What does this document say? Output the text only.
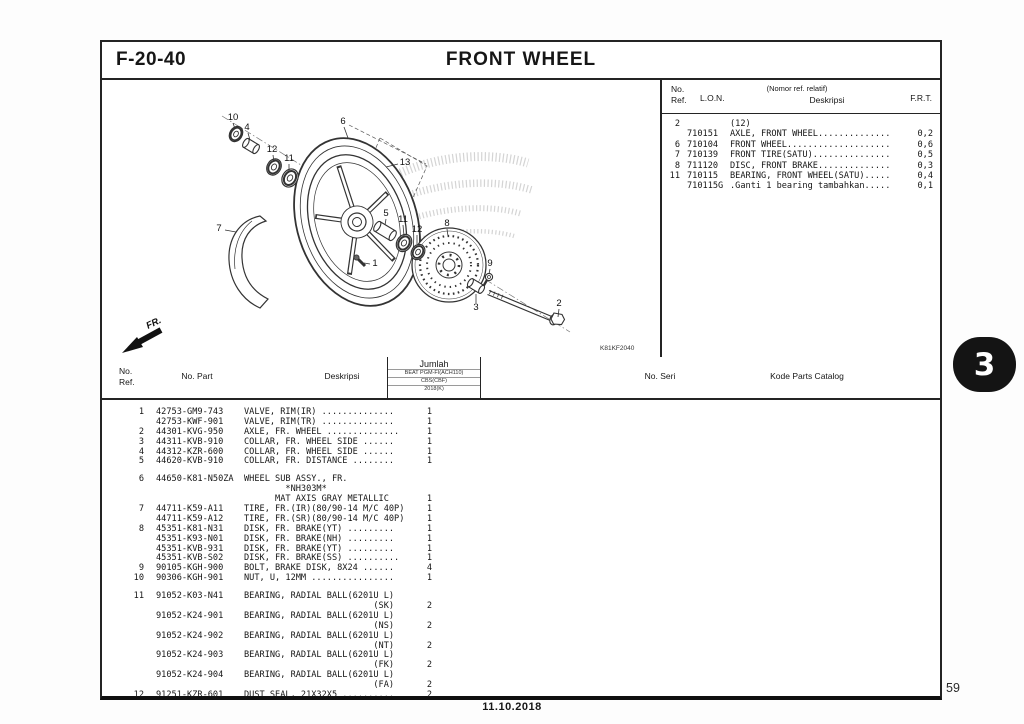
F-20-40	FRONT WHEEL
FR.
K81KF2040
10
4
12
11
6
13
7
5
11
12
8
9
1
3	2
No.
Ref. L.O.N.
(Nomor ref. relatif)
Deskripsi	F.R.T.
2	(12)
710151 AXLE, FRONT WHEEL..............	0,2
6 710104 FRONT WHEEL....................	0,6
7 710139 FRONT TIRE(SATU)...............	0,5
8 711120 DISC, FRONT BRAKE..............	0,3
11 710115 BEARING, FRONT WHEEL(SATU).....	0,4
710115G .Ganti 1 bearing tambahkan.....	0,1
No.
Ref.
No. Part	Deskripsi
Jumlah
BEAT PGM-FI(ACH110)
CBS(CBF)
2018(K)
No. Seri	Kode Parts Catalog
1 42753-GM9-743 VALVE, RIM(IR) ..............	1
42753-KWF-901 VALVE, RIM(TR) ..............	1
2 44301-KVG-950 AXLE, FR. WHEEL ..............	1
3 44311-KVB-910 COLLAR, FR. WHEEL SIDE ......	1
4 44312-KZR-600 COLLAR, FR. WHEEL SIDE ......	1
5 44620-KVB-910 COLLAR, FR. DISTANCE ........	1
6 44650-K81-N50ZA WHEEL SUB ASSY., FR.
*NH303M*
MAT AXIS GRAY METALLIC	1
7 44711-K59-A11 TIRE, FR.(IR)(80/90-14 M/C 40P)	1
44711-K59-A12 TIRE, FR.(SR)(80/90-14 M/C 40P)	1
8 45351-K81-N31 DISK, FR. BRAKE(YT) .........	1
45351-K93-N01 DISK, FR. BRAKE(NH) .........	1
45351-KVB-931 DISK, FR. BRAKE(YT) .........	1
45351-KVB-S02 DISK, FR. BRAKE(SS) ..........	1
9 90105-KGH-900 BOLT, BRAKE DISK, 8X24 ......	4
10 90306-KGH-901 NUT, U, 12MM ................	1
11 91052-K03-N41 BEARING, RADIAL BALL(6201U L)
(SK)	2
91052-K24-901 BEARING, RADIAL BALL(6201U L)
(NS)	2
91052-K24-902 BEARING, RADIAL BALL(6201U L)
(NT)	2
91052-K24-903 BEARING, RADIAL BALL(6201U L)
(FK)	2
91052-K24-904 BEARING, RADIAL BALL(6201U L)
(FA)	2
12 91251-KZR-601 DUST SEAL, 21X32X5 ..........	2
3
59
11.10.2018
